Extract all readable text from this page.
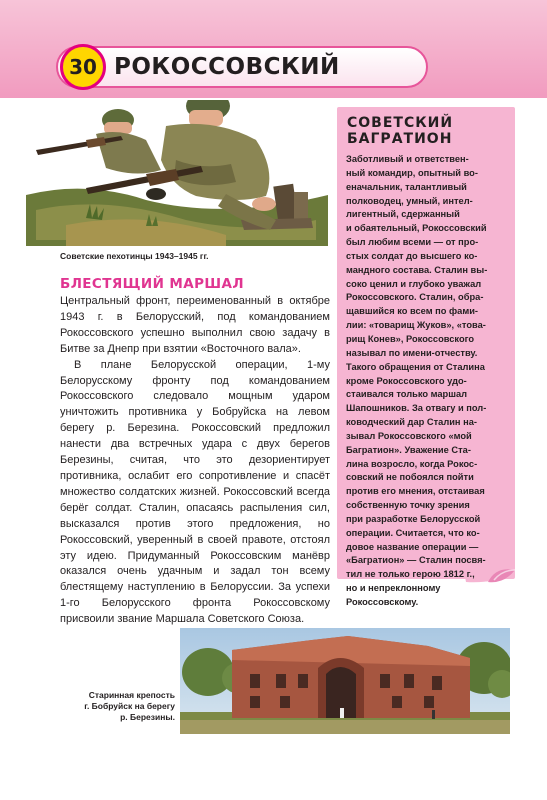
30 РОКОССОВСКИЙ
Советские пехотинцы 1943–1945 гг.
БЛЕСТЯЩИЙ МАРШАЛ

Центральный фронт, переименованный в октябре 1943 г. в Белорусский, под командованием Рокоссовского успешно выполнил свою задачу в Битве за Днепр при взятии «Восточного вала».

В плане Белорусской операции, 1-му Белорусскому фронту под командованием Рокоссовского следовало мощным ударом уничтожить противника у Бобруйска на левом берегу р. Березина. Рокоссовский предложил нанести два встречных удара с двух берегов Березины, считая, что это дезориентирует противника, ослабит его сопротивление и спасёт множество солдатских жизней. Рокоссовский всегда берёг солдат. Сталин, опасаясь распыления сил, высказался против этого предложения, но Рокоссовский, уверенный в своей правоте, отстоял эту идею. Придуманный Рокоссовским манёвр оказался очень удачным и задал тон всему блестящему наступлению в Белоруссии. За успехи 1-го Белорусского фронта Рокоссовскому присвоили звание Маршала Советского Союза.

СОВЕТСКИЙ БАГРАТИОН
Заботливый и ответствен-
ный командир, опытный во-
еначальник, талантливый
полководец, умный, интел-
лигентный, сдержанный
и обаятельный, Рокоссовский
был любим всеми — от про-
стых солдат до высшего ко-
мандного состава. Сталин вы-
соко ценил и глубоко уважал
Рокоссовского. Сталин, обра-
щавшийся ко всем по фами-
лии: «товарищ Жуков», «това-
рищ Конев», Рокоссовского
называл по имени-отчеству.
Такого обращения от Сталина
кроме Рокоссовского удо-
стаивался только маршал
Шапошников. За отвагу и пол-
ководческий дар Сталин на-
зывал Рокоссовского «мой
Багратион». Уважение Ста-
лина возросло, когда Рокос-
совский не побоялся пойти
против его мнения, отстаивая
собственную точку зрения
при разработке Белорусской
операции. Считается, что ко-
довое название операции —
«Багратион» — Сталин посвя-
тил не только герою 1812 г.,
но и непреклонному
Рокоссовскому.
Старинная крепость
г. Бобруйск на берегу
р. Березины.
